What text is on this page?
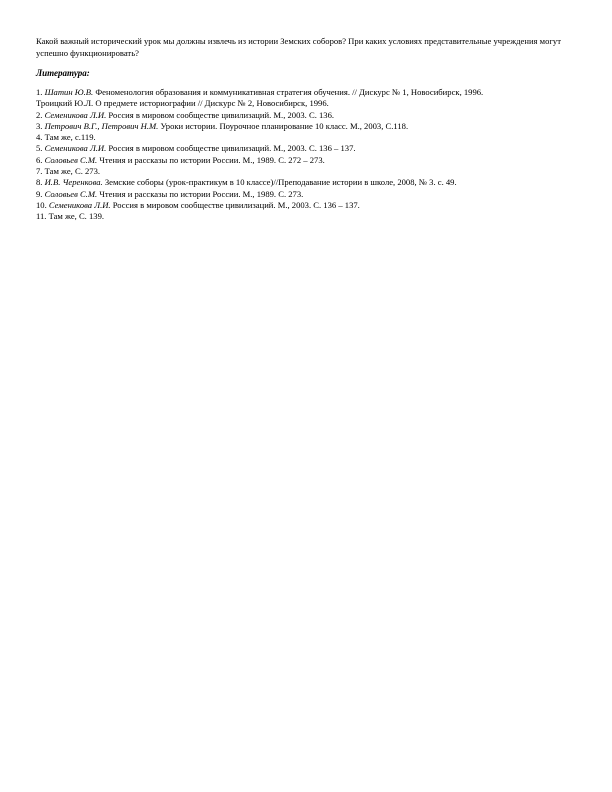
Какой важный исторический урок мы должны извлечь из истории Земских соборов? При каких условиях представительные учреждения могут успешно функционировать?

Литература:

1. Шатин Ю.В. Феноменология образования и коммуникативная стратегия обучения. // Дискурс № 1, Новосибирск, 1996.
Троицкий Ю.Л. О предмете историографии // Дискурс № 2, Новосибирск, 1996.
2. Семеникова Л.И. Россия в мировом сообществе цивилизаций. М., 2003. С. 136.
3. Петрович В.Г., Петрович Н.М. Уроки истории. Поурочное планирование 10 класс. М., 2003, С.118.
4. Там же, с.119.
5. Семеникова Л.И. Россия в мировом сообществе цивилизаций. М., 2003. С. 136 – 137.
6. Соловьев С.М. Чтения и рассказы по истории России. М., 1989. С. 272 – 273.
7. Там же, С. 273.
8. И.В. Черенкова. Земские соборы (урок-практикум в 10 классе)//Преподавание истории в школе, 2008, № 3. с. 49.
9. Соловьев С.М. Чтения и рассказы по истории России. М., 1989. С. 273.
10. Семеникова Л.И. Россия в мировом сообществе цивилизаций. М., 2003. С. 136 – 137.
11. Там же, С. 139.
